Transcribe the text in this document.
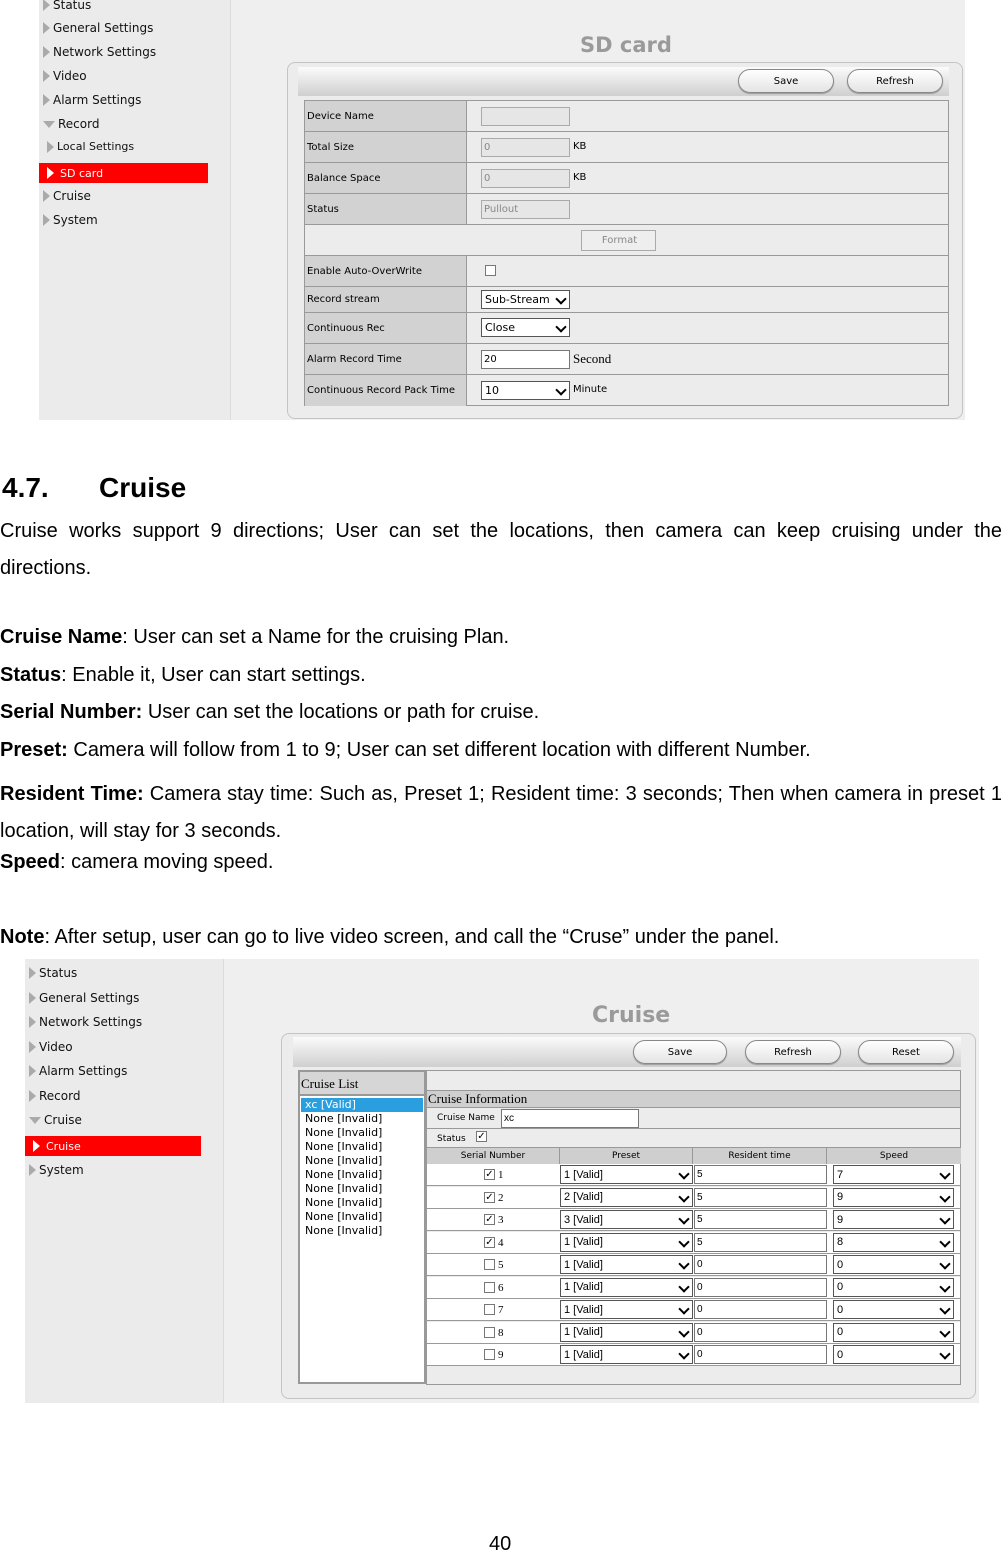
Status
General Settings
Network Settings
Video
Alarm Settings
Record
Local Settings
SD card
Cruise
System
SD card
Save	Refresh
Device Name
Total Size	0	KB
Balance Space	0	KB
Status	Pullout
Format
Enable Auto-OverWrite
Record stream	Sub-Stream
Continuous Rec	Close
Alarm Record Time	20	Second
Continuous Record Pack Time	10	Minute
4.7. Cruise
Cruise works support 9 directions; User can set the locations, then camera can keep cruising under the directions.
Cruise Name: User can set a Name for the cruising Plan.
Status: Enable it, User can start settings.
Serial Number: User can set the locations or path for cruise.
Preset: Camera will follow from 1 to 9; User can set different location with different Number.
Resident Time: Camera stay time: Such as, Preset 1; Resident time: 3 seconds; Then when camera in preset 1 location, will stay for 3 seconds.
Speed: camera moving speed.
Note: After setup, user can go to live video screen, and call the “Cruse” under the panel.
Status
General Settings
Network Settings
Video
Alarm Settings
Record
Cruise
Cruise
System
Cruise
Save	Refresh	Reset
Cruise List
xc [Valid]
None [Invalid]
None [Invalid]
None [Invalid]
None [Invalid]
None [Invalid]
None [Invalid]
None [Invalid]
None [Invalid]
None [Invalid]
Cruise Information
Cruise Name xc
Status ✓
Serial Number	Preset	Resident time	Speed
✓ 1	1 [Valid]	5	7
✓ 2	2 [Valid]	5	9
✓ 3	3 [Valid]	5	9
✓ 4	1 [Valid]	5	8
5	1 [Valid]	0	0
6	1 [Valid]	0	0
7	1 [Valid]	0	0
8	1 [Valid]	0	0
9	1 [Valid]	0	0
40
